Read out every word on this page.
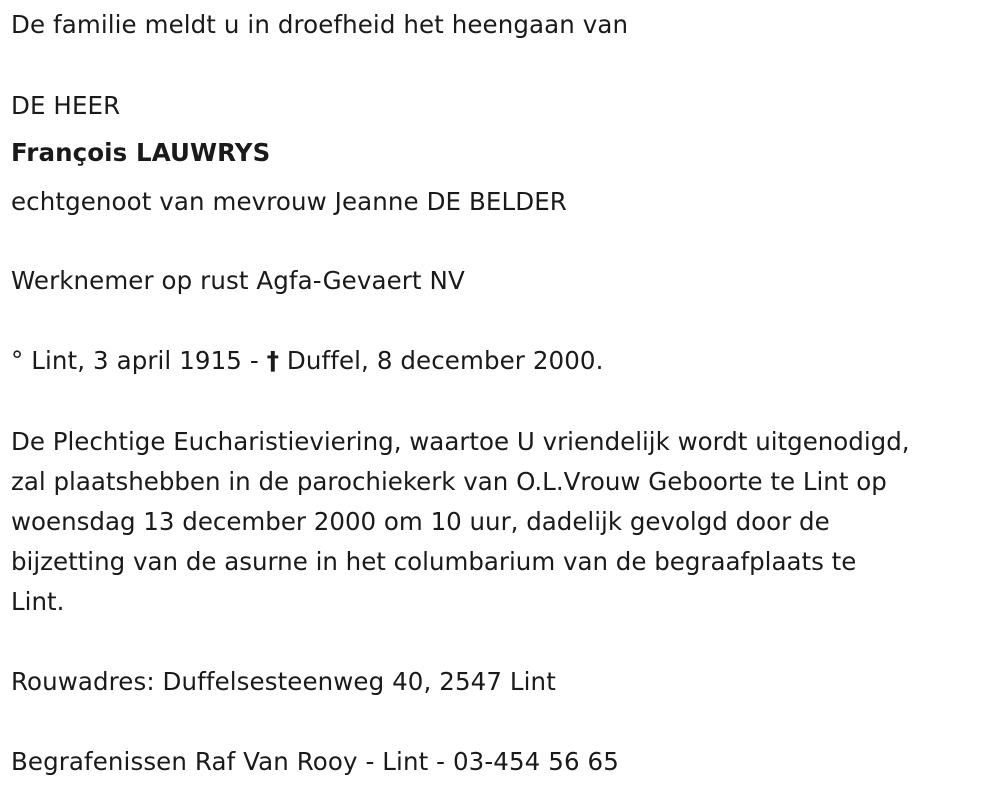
De familie meldt u in droefheid het heengaan van
DE HEER
François LAUWRYS
echtgenoot van mevrouw Jeanne DE BELDER
Werknemer op rust Agfa-Gevaert NV
° Lint, 3 april 1915 - † Duffel, 8 december 2000.
De Plechtige Eucharistieviering, waartoe U vriendelijk wordt uitgenodigd,
zal plaatshebben in de parochiekerk van O.L.Vrouw Geboorte te Lint op
woensdag 13 december 2000 om 10 uur, dadelijk gevolgd door de
bijzetting van de asurne in het columbarium van de begraafplaats te
Lint.
Rouwadres: Duffelsesteenweg 40, 2547 Lint
Begrafenissen Raf Van Rooy - Lint - 03-454 56 65
